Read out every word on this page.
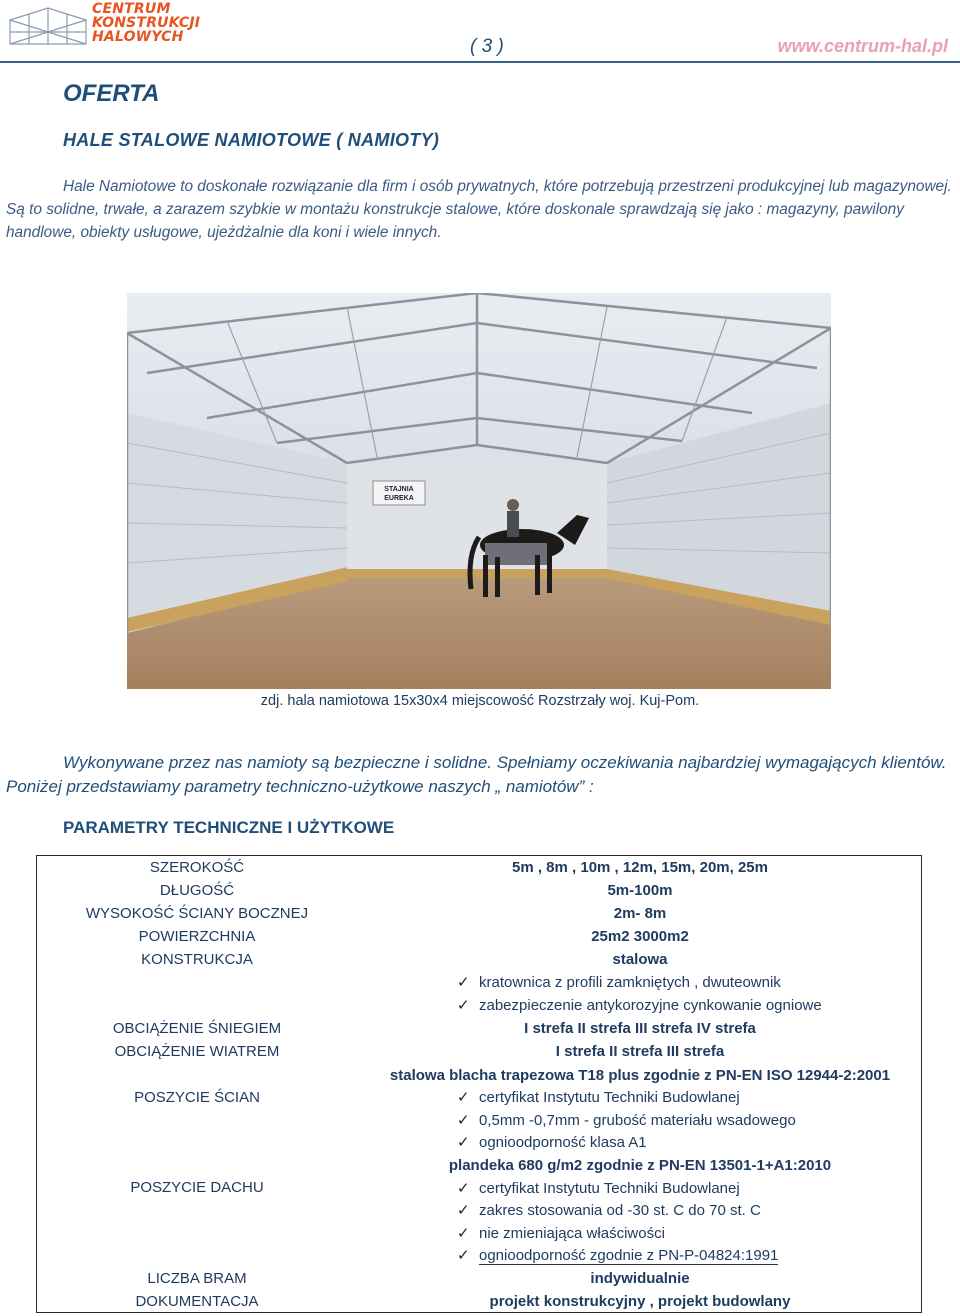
CENTRUM
KONSTRUKCJI
HALOWYCH	( 3 )	www.centrum-hal.pl
OFERTA
HALE STALOWE NAMIOTOWE ( NAMIOTY)

Hale Namiotowe to doskonałe rozwiązanie dla firm i osób prywatnych, które potrzebują przestrzeni produkcyjnej lub magazynowej. Są to solidne, trwałe, a zarazem szybkie w montażu konstrukcje stalowe, które doskonale sprawdzają się jako : magazyny, pawilony handlowe, obiekty usługowe, ujeżdżalnie dla koni i wiele innych.

STAJNIA
EUREKA

zdj. hala namiotowa 15x30x4 miejscowość Rozstrzały woj. Kuj-Pom.

Wykonywane przez nas namioty są bezpieczne i solidne. Spełniamy oczekiwania najbardziej wymagających klientów. Poniżej przedstawiamy parametry techniczno-użytkowe naszych „ namiotów” :

PARAMETRY TECHNICZNE I UŻYTKOWE
SZEROKOŚĆ
DŁUGOŚĆ
WYSOKOŚĆ ŚCIANY BOCZNEJ
POWIERZCHNIA
KONSTRUKCJA
OBCIĄŻENIE ŚNIEGIEM
OBCIĄŻENIE WIATREM
POSZYCIE ŚCIAN
POSZYCIE DACHU
LICZBA BRAM
DOKUMENTACJA
5m , 8m , 10m , 12m, 15m, 20m, 25m
5m-100m
2m- 8m
25m2 3000m2
stalowa
✓ kratownica z profili zamkniętych , dwuteownik
✓ zabezpieczenie antykorozyjne cynkowanie ogniowe
I strefa II strefa III strefa IV strefa
I strefa II strefa III strefa
stalowa blacha trapezowa T18 plus zgodnie z PN-EN ISO 12944-2:2001
✓ certyfikat Instytutu Techniki Budowlanej
✓ 0,5mm -0,7mm - grubość materiału wsadowego
✓ ognioodporność klasa A1
plandeka 680 g/m2 zgodnie z PN-EN 13501-1+A1:2010
✓ certyfikat Instytutu Techniki Budowlanej
✓ zakres stosowania od -30 st. C do 70 st. C
✓ nie zmieniająca właściwości
✓ ognioodporność zgodnie z PN-P-04824:1991
indywidualnie
projekt konstrukcyjny , projekt budowlany
